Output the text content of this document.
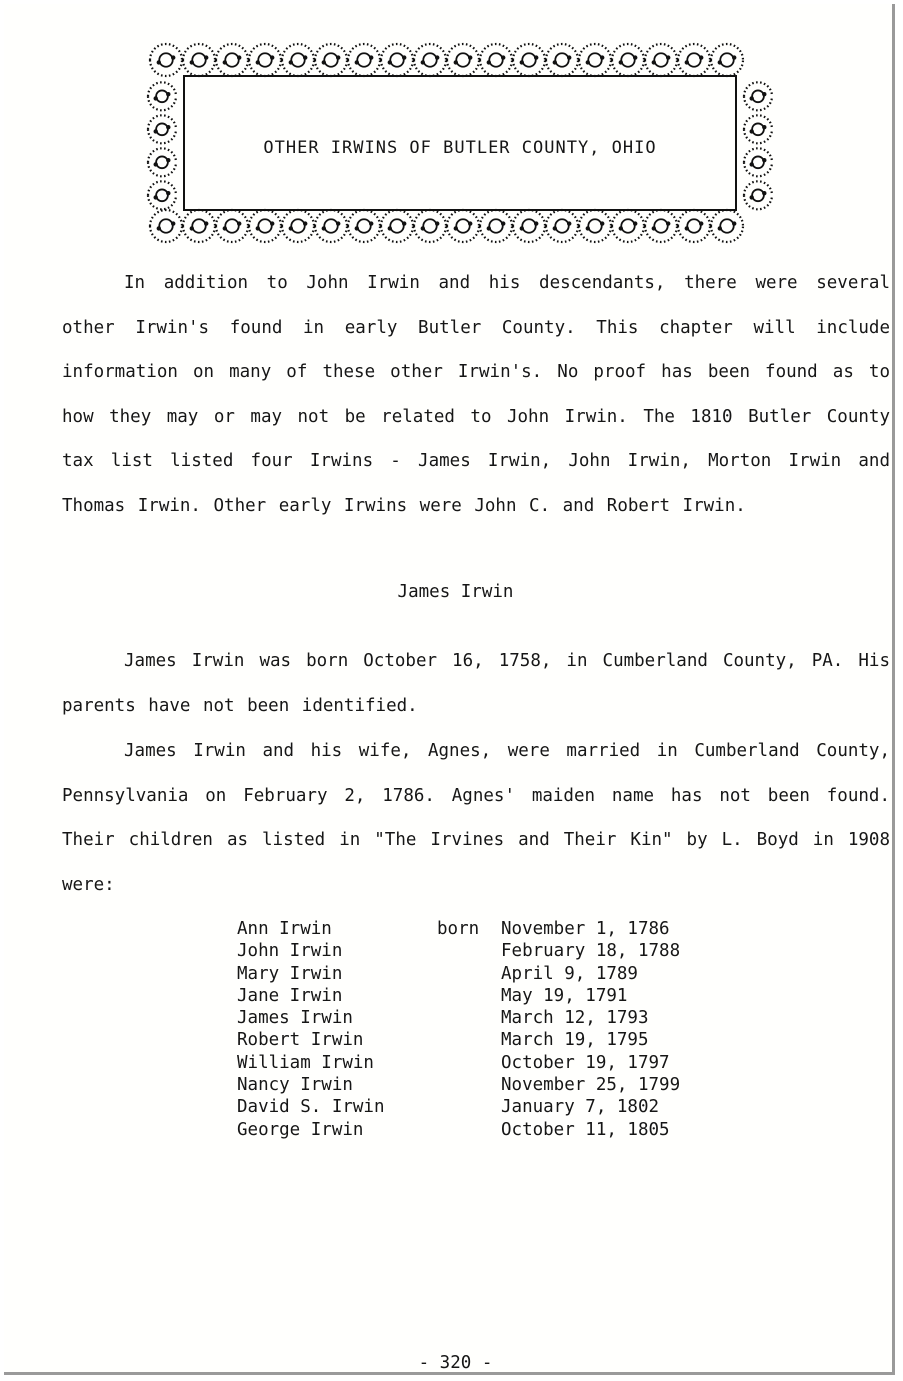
OTHER IRWINS OF BUTLER COUNTY, OHIO

In addition to John Irwin and his descendants, there were several other Irwin's found in early Butler County. This chapter will include information on many of these other Irwin's. No proof has been found as to how they may or may not be related to John Irwin. The 1810 Butler County tax list listed four Irwins - James Irwin, John Irwin, Morton Irwin and Thomas Irwin. Other early Irwins were John C. and Robert Irwin.

James Irwin

James Irwin was born October 16, 1758, in Cumberland County, PA. His parents have not been identified.

James Irwin and his wife, Agnes, were married in Cumberland County, Pennsylvania on February 2, 1786. Agnes' maiden name has not been found. Their children as listed in "The Irvines and Their Kin" by L. Boyd in 1908 were:

Ann Irwin	born	November 1, 1786
John Irwin	February 18, 1788
Mary Irwin	April 9, 1789
Jane Irwin	May 19, 1791
James Irwin	March 12, 1793
Robert Irwin	March 19, 1795
William Irwin	October 19, 1797
Nancy Irwin	November 25, 1799
David S. Irwin	January 7, 1802
George Irwin	October 11, 1805
- 320 -
